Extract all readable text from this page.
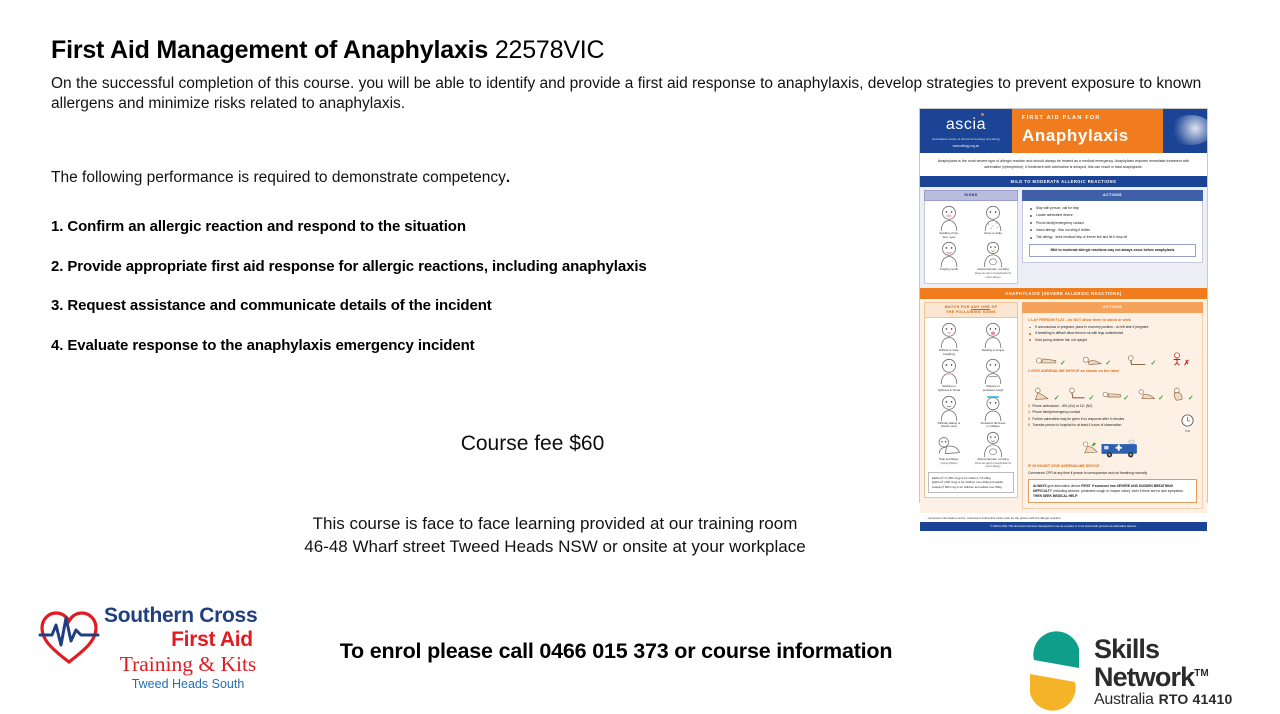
First Aid Management of Anaphylaxis 22578VIC
On the successful completion of this course. you will be able to identify and provide a first aid response to anaphylaxis, develop strategies to prevent exposure to known allergens and minimize risks related to anaphylaxis.
The following performance is required to demonstrate competency.
1. Confirm an allergic reaction and respond to the situation
2. Provide appropriate first aid response for allergic reactions, including anaphylaxis
3. Request assistance and communicate details of the incident
4. Evaluate response to the anaphylaxis emergency incident
Course fee $60
This course is face to face learning provided at our training room
46-48 Wharf street Tweed Heads NSW or onsite at your workplace
To enrol please call 0466 015 373 or course information
Southern Cross
First Aid
Training & Kits
Tweed Heads South
Skills
Network™
Australia RTO 41410
ascia
australasian society of clinical immunology and allergy
www.allergy.org.au
FIRST AID PLAN FOR
Anaphylaxis
Anaphylaxis is the most severe type of allergic reaction and should always be treated as a medical emergency. Anaphylaxis requires immediate treatment with adrenaline (epinephrine). If treatment with adrenaline is delayed, this can result in fatal anaphylaxis.
MILD TO MODERATE ALLERGIC REACTIONS
SIGNS
Swelling of lips,
face, eyes
Hives or welts
Tingling mouth	Abdominal pain, vomiting
(these are signs of anaphylaxis for insect allergy)
ACTIONS
Stay with person, call for help
Locate adrenaline device
Phone family/emergency contact
Insect allergy - flick out sting if visible
Tick allergy - seek medical help or freeze tick and let it drop off
Mild to moderate allergic reactions may not always occur before anaphylaxis
ANAPHYLAXIS (SEVERE ALLERGIC REACTIONS)
WATCH FOR ANY ONE OF
THE FOLLOWING SIGNS
Difficult or noisy
breathing
Swelling of tongue
Swelling or
tightness in throat
Wheeze or
persistent cough
Difficulty talking or
hoarse voice
Persistent dizziness
or collapse
Pale and floppy
(young children)
Abdominal pain, vomiting
(these are signs of anaphylaxis for insect allergy)
EpiPen® Jr (150 mcg) is for children 7.5-20kg
EpiPen® (300 mcg) is for children over 20kg and adults
Anapen® 500 mcg is for children and adults over 50kg
ACTIONS
1 LAY PERSON FLAT - do NOT allow them to stand or walk
If unconscious or pregnant, place in recovery position - on left side if pregnant
If breathing is difficult allow them to sit with legs outstretched
Hold young children flat, not upright
✓	✓	✓	✗
2 GIVE ADRENALINE DEVICE as shown on the label
✓	✓	✓	✓	✓
3 Phone ambulance - 000 (AU) or 111 (NZ)
4 Phone family/emergency contact
5 Further adrenaline may be given if no response after 5 minutes
6 Transfer person to hospital for at least 4 hours of observation
5:00
IF IN DOUBT GIVE ADRENALINE DEVICE
Commence CPR at any time if person is unresponsive and not breathing normally
ALWAYS give adrenaline device FIRST if someone has SEVERE AND SUDDEN BREATHING DIFFICULTY (including wheeze, persistent cough or hoarse voice), even if there are no skin symptoms. THEN SEEK MEDICAL HELP.
...al poisons information centre. Continue to follow this action plan for the person with the allergic reaction.
© ASCIA 2021 This document has been developed for use as a poster, or to be stored with general use adrenaline devices.
